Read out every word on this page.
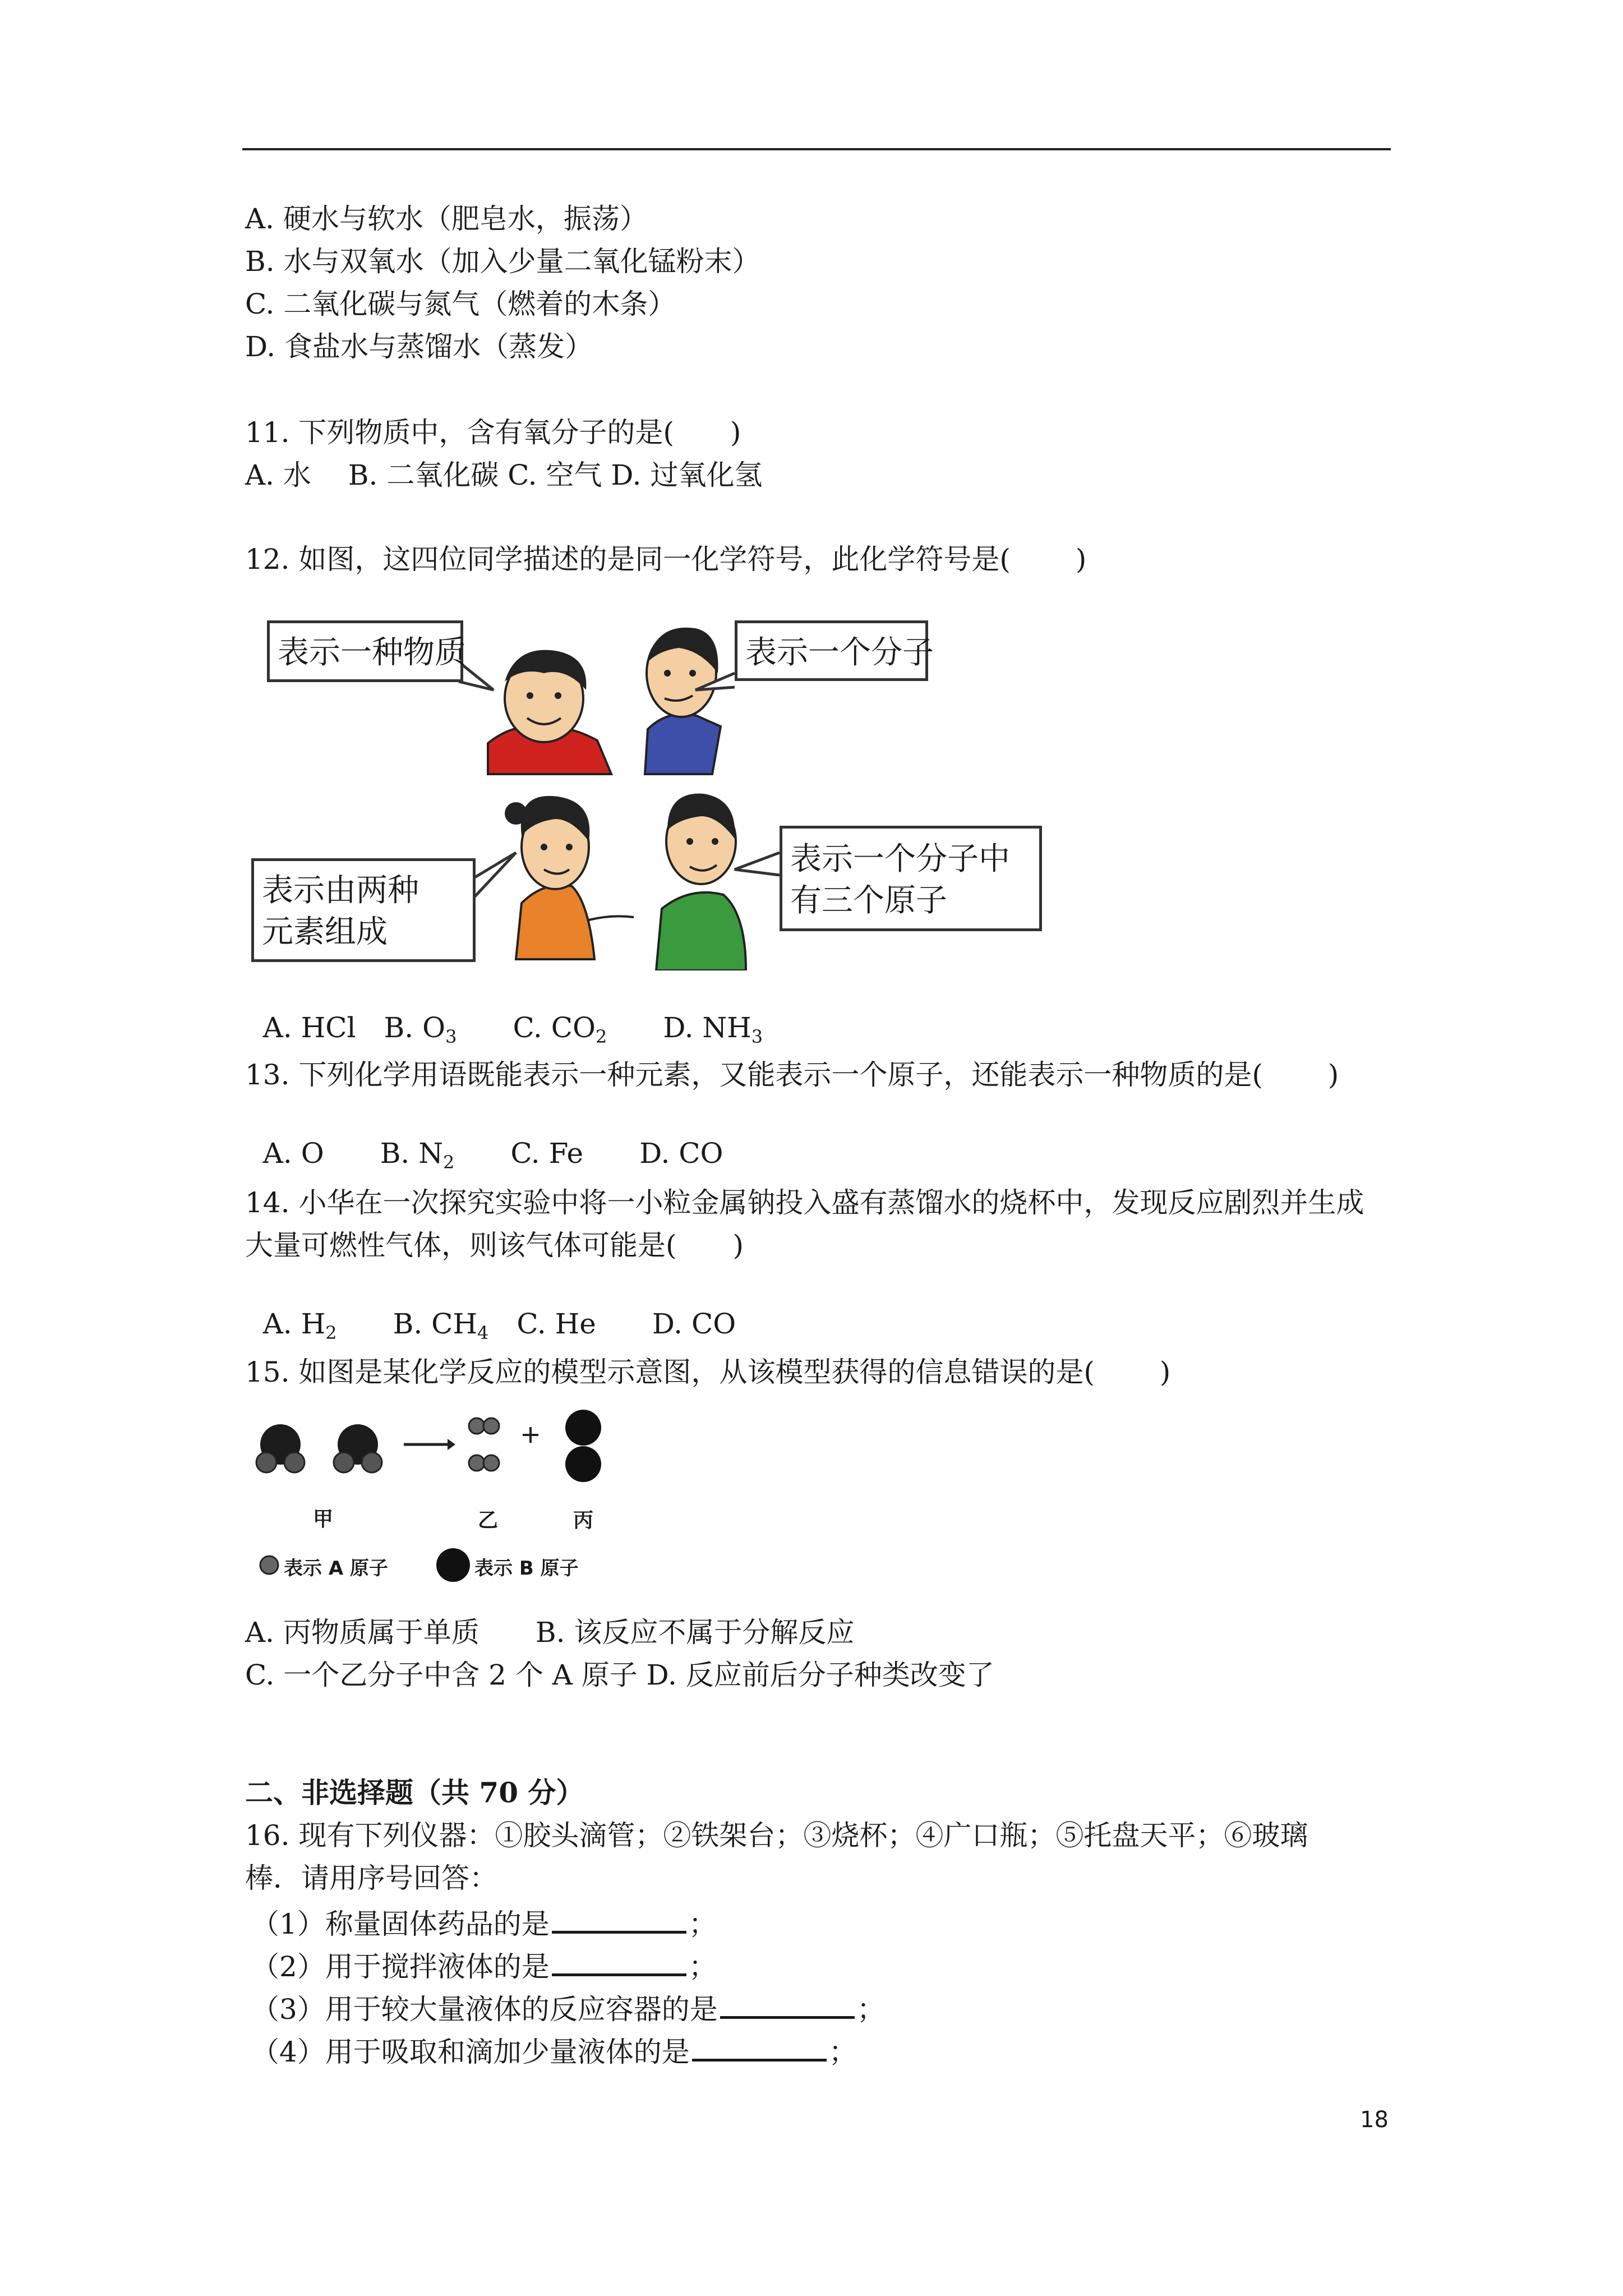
A. 硬水与软水（肥皂水，振荡）
B. 水与双氧水（加入少量二氧化锰粉末）
C. 二氧化碳与氮气（燃着的木条）
D. 食盐水与蒸馏水（蒸发）
11. 下列物质中，含有氧分子的是(　　)
A. 水　 B. 二氧化碳 C. 空气 D. 过氧化氢
12. 如图，这四位同学描述的是同一化学符号，此化学符号是(　　 )
表示一种物质	表示一个分子
表示由两种
元素组成
表示一个分子中
有三个原子

A. HCl　 B. $O_3$　　 C. $CO_2$　　 D. $NH_3$

13. 下列化学用语既能表示一种元素，又能表示一个原子，还能表示一种物质的是(　　 )

A. O　　 B. $N_2$　　 C. Fe　　 D. CO

14. 小华在一次探究实验中将一小粒金属钠投入盛有蒸馏水的烧杯中，发现反应剧烈并生成
大量可燃性气体，则该气体可能是(　　)

A. $H_2$　　 B. $CH_4$　 C. He　　 D. CO

15. 如图是某化学反应的模型示意图，从该模型获得的信息错误的是(　　 )
甲	乙	丙
表示 A 原子	表示 B 原子
A. 丙物质属于单质　　B. 该反应不属于分解反应
C. 一个乙分子中含 2 个 A 原子 D. 反应前后分子种类改变了
二、非选择题（共 70 分）
16. 现有下列仪器：①胶头滴管；②铁架台；③烧杯；④广口瓶；⑤托盘天平；⑥玻璃
棒．请用序号回答：
（1）称量固体药品的是	；
（2）用于搅拌液体的是	；
（3）用于较大量液体的反应容器的是	；
（4）用于吸取和滴加少量液体的是	；
18
